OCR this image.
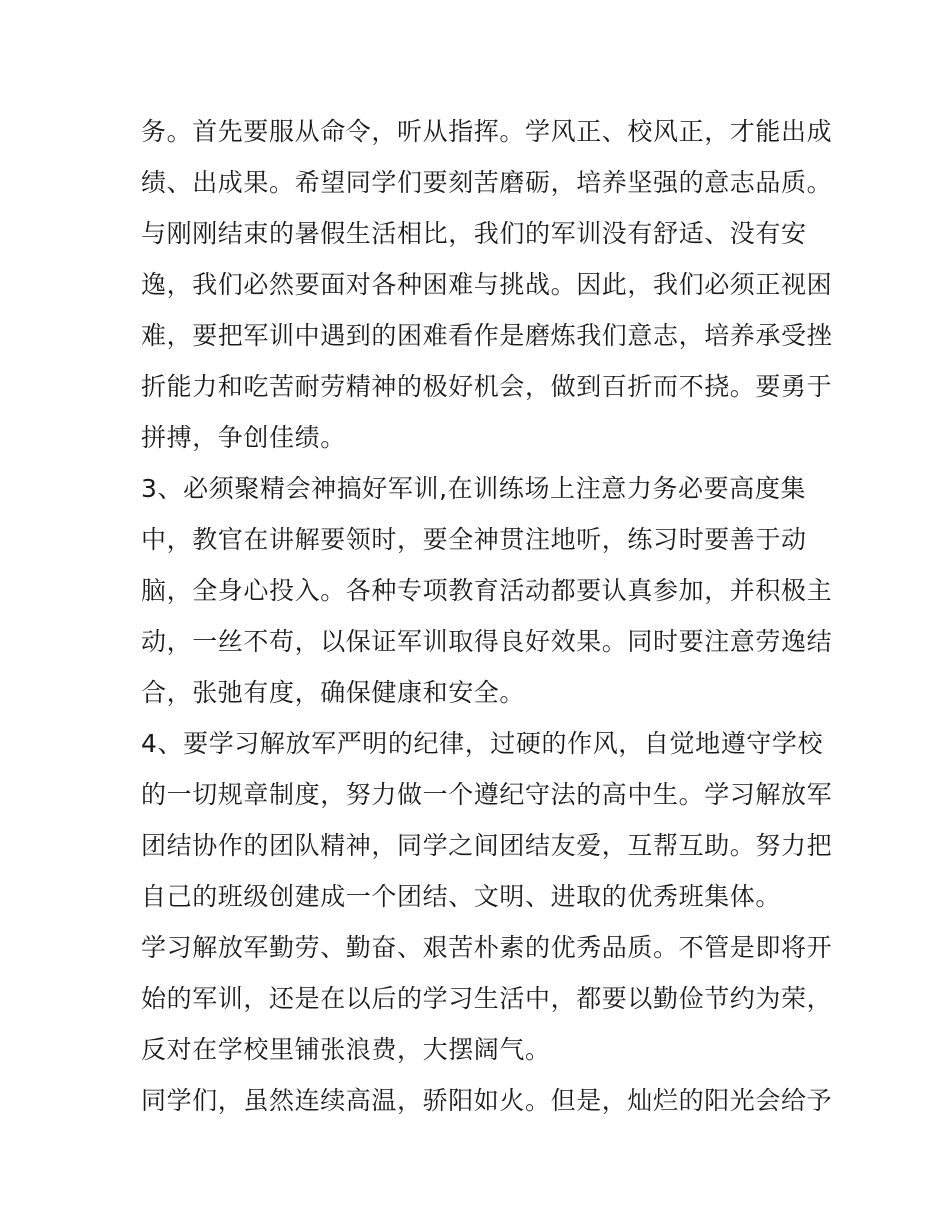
务。首先要服从命令，听从指挥。学风正、校风正，才能出成
绩、出成果。希望同学们要刻苦磨砺，培养坚强的意志品质。
与刚刚结束的暑假生活相比，我们的军训没有舒适、没有安
逸，我们必然要面对各种困难与挑战。因此，我们必须正视困
难，要把军训中遇到的困难看作是磨炼我们意志，培养承受挫
折能力和吃苦耐劳精神的极好机会，做到百折而不挠。要勇于
拼搏，争创佳绩。
3、必须聚精会神搞好军训,在训练场上注意力务必要高度集
中，教官在讲解要领时，要全神贯注地听，练习时要善于动
脑，全身心投入。各种专项教育活动都要认真参加，并积极主
动，一丝不苟，以保证军训取得良好效果。同时要注意劳逸结
合，张弛有度，确保健康和安全。
4、要学习解放军严明的纪律，过硬的作风，自觉地遵守学校
的一切规章制度，努力做一个遵纪守法的高中生。学习解放军
团结协作的团队精神，同学之间团结友爱，互帮互助。努力把
自己的班级创建成一个团结、文明、进取的优秀班集体。
学习解放军勤劳、勤奋、艰苦朴素的优秀品质。不管是即将开
始的军训，还是在以后的学习生活中，都要以勤俭节约为荣，
反对在学校里铺张浪费，大摆阔气。
同学们，虽然连续高温，骄阳如火。但是，灿烂的阳光会给予
